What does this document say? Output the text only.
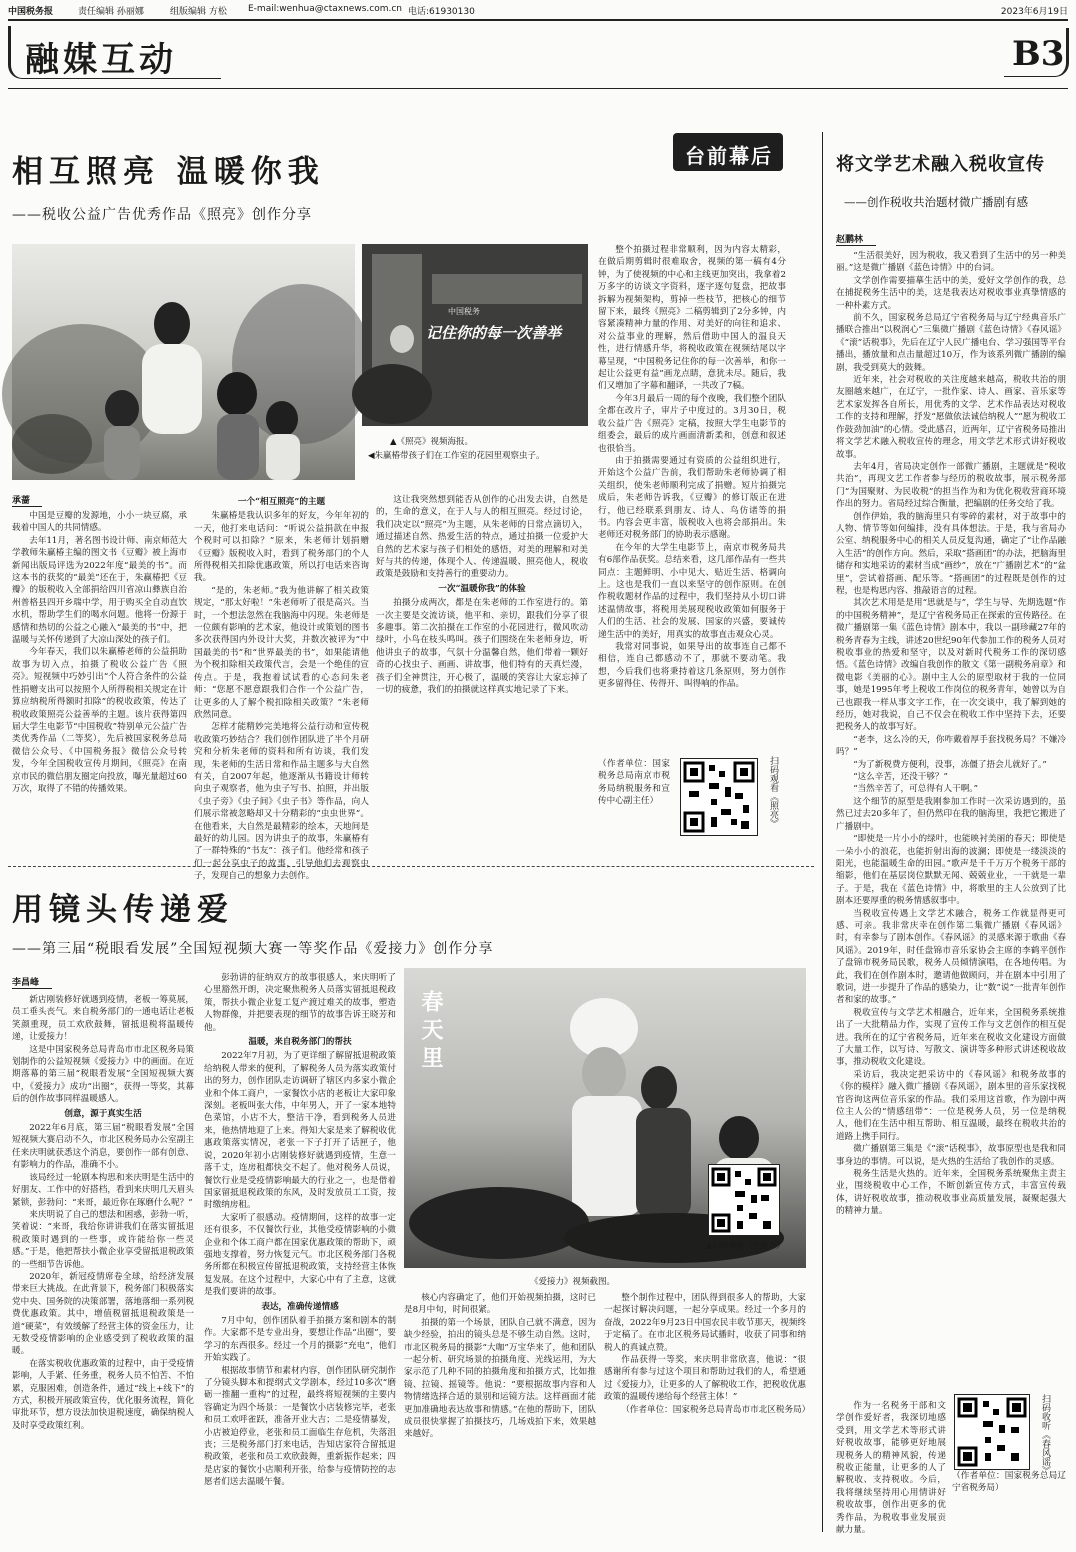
中国税务报	责任编辑 孙丽娜	组版编辑 方松 E-mail:wenhua@ctaxnews.com.cn 电话:61930130	2023年6月19日
融媒互动	B3
相互照亮 温暖你我
——税收公益广告优秀作品《照亮》创作分享
台前幕后
中国税务
记住你的每一次善举
▲《照亮》视频海报。
◀朱赢椿带孩子们在工作室的花园里观察虫子。
承蔷

中国是豆瓣的发源地，小小一块豆腐，承载着中国人的共同情感。

去年11月，著名图书设计师、南京师范大学教师朱赢椿主编的图文书《豆瓣》被上海市新闻出版局评选为2022年度“最美的书”。而这本书的获奖的“最美”还在于，朱赢椿把《豆瓣》的版税收入全部捐给四川省凉山彝族自治州普格县四开乡瑞中学，用于购买全自动直饮水机，帮助学生们的喝水问题。他将一份源于感情和热切的公益之心融入“最美的书”中，把温暖与关怀传递到了大凉山深处的孩子们。

今年春天，我们以朱赢椿老师的公益捐助故事为切入点，拍摄了税收公益广告《照亮》。短视频中巧妙引出“个人符合条件的公益性捐赠支出可以按照个人所得税相关规定在计算应纳税所得额时扣除”的税收政策，传达了税收政策照亮公益善举的主题。该片获得第四届大学生电影节“中国税收”特别单元公益广告类优秀作品（二等奖），先后被国家税务总局微信公众号、《中国税务报》微信公众号转发，今年全国税收宣传月期间，《照亮》在南京市民的微信朋友圈定向投放，曝光量超过60万次，取得了不错的传播效果。

一个“相互照亮”的主题

朱赢椿是我认识多年的好友，今年年初的一天，他打来电话问：“听说公益捐款在申报个税时可以扣除？”原来，朱老师计划捐赠《豆瓣》版税收入时，看到了税务部门的个人所得税相关扣除优惠政策，所以打电话来咨询我。

“是的，朱老师。”我为他讲解了相关政策规定，“那太好啦！”朱老师听了很是高兴。当时，一个想法忽然在我脑海中闪现。朱老师是一位颇有影响的艺术家，他设计或策划的图书多次获得国内外设计大奖，并数次被评为“中国最美的书”和“世界最美的书”，如果能请他为个税扣除相关政策代言，会是一个绝佳的宣传点。于是，我抱着试试看的心态问朱老师：“您愿不愿意跟我们合作一个公益广告，让更多的人了解个税扣除相关政策？”朱老师欣然同意。

怎样才能精妙完美地将公益行动和宣传税收政策巧妙结合？我们创作团队进了半个月研究和分析朱老师的资料和所有访谈，我们发现，朱老师的生活日常和作品主题多与大自然有关，自2007年起，他逐渐从书籍设计师转向虫子观察者，他为虫子写书、拍照，并出版《虫子旁》《虫子间》《虫子书》等作品，向人们展示常被忽略却又十分精彩的“虫虫世界”。在他看来，大自然是最精彩的绘本，天地间是最好的幼儿园。因为讲虫子的故事，朱赢椿有了一群特殊的“书友”：孩子们。他经常和孩子们一起分享虫子的故事，引导他们去观察虫子，发现自己的想象力去创作。

这让我突然想到能否从创作的心出发去讲，自然是的，生命的意义，在于人与人的相互照亮。经过讨论，我们决定以“照亮”为主题，从朱老师的日常点滴切入，通过描述自然、热爱生活的特点，通过拍摄一位爱护大自然的艺术家与孩子们相处的感悟，对美的理解和对美好与共的传递，体现个人、传递温暖、照亮他人，税收政策是鼓励和支持善行的重要动力。

一次“温暖你我”的体验

拍摄分成两次，都是在朱老师的工作室进行的。第一次主要是交流访谈，他平和、亲切，跟我们分享了很多趣事。第二次拍摄在工作室的小花园进行，微风吹动绿叶，小鸟在枝头鸣叫。孩子们围绕在朱老师身边，听他讲虫子的故事，气氛十分温馨自然，他们带着一颗好奇的心找虫子、画画、讲故事，他们特有的天真烂漫，孩子们全神贯注，开心极了，温暖的笑容让大家忘掉了一切的疲惫，我们的拍摄就这样真实地记录了下来。

整个拍摄过程非常顺利，因为内容太精彩，在做后期剪辑时很难取舍，视频的第一稿有4分钟，为了使视频的中心和主线更加突出，我拿着2万多字的访谈文字资料，逐字逐句复盘，把故事拆解为视频架构，剪掉一些枝节，把核心的细节留下来，最终《照亮》二稿剪辑到了2分多钟，内容紧凑精神力量的作用、对美好的向往和追求、对公益事业的理解，然后借助中国人的温良天性，进行情感升华，将税收政策在视频结尾以字幕呈现，“中国税务记住你的每一次善举，和你一起让公益更有益”画龙点睛，意犹未尽。随后，我们又增加了字幕和翻译，一共改了7稿。

今年3月最后一周的每个夜晚，我们整个团队全都在改片子，审片子中度过的。3月30日，税收公益广告《照亮》定稿，按照大学生电影节的组委会，最后的成片画面清新柔和，创意和叙述也很恰当。

由于拍摄需要通过有资质的公益组织进行，开始这个公益广告前，我们帮助朱老师协调了相关组织，使朱老师顺利完成了捐赠。短片拍摄完成后，朱老师告诉我，《豆瓣》的修订版正在进行，他已经联系到朋友、诗人、鸟仿诸等的捐书。内容会更丰富，版税收入也将会部捐出。朱老师还对税务部门的协助表示感谢。

在今年的大学生电影节上，南京市税务局共有6部作品获奖。总结来看，这几部作品有一些共同点：主题鲜明、小中见大、贴近生活、格调向上。这也是我们一直以来坚守的创作原则。在创作税收题材作品的过程中，我们坚持从小切口讲述温情故事，将税用美展现税收政策如何服务于人们的生活、社会的发展、国家的兴盛，要诚传递生活中的美好，用真实的故事直击观众心灵。

我常对同事说，如果导出的故事连自己都不相信，连自己都感动不了，那就不要动笔。我想，今后我们也将秉持着这几条原则，努力创作更多留得住、传得开、叫得响的作品。

（作者单位：国家税务总局南京市税务局纳税服务和宣传中心副主任）	扫码观看《照亮》
用镜头传递爱
——第三届“税眼看发展”全国短视频大赛一等奖作品《爱接力》创作分享
李昌峰
春天里
▲扫码观看《爱接力》
《爱接力》视频截图。

新店刚装修好就遇到疫情，老板一筹莫展，员工垂头丧气。来自税务部门的一通电话让老板笑颜重现，员工欢欣鼓舞，留抵退税将温暖传递，让爱接力！

这是中国家税务总局青岛市市北区税务局策划制作的公益短视频《爱接力》中的画面。在近期落幕的第三届“税眼看发展”全国短视频大赛中，《爱接力》成功“出圈”，获得一等奖，其幕后的创作故事同样温暖感人。

创意，源于真实生活

2022年6月底，第三届“税眼看发展”全国短视频大赛启动不久，市北区税务局办公室副主任来庆明就获悉这个消息，要创作一部有创意、有影响力的作品，准确不小。

该局经过一轮剧本构思和来庆明是生活中的好朋友、工作中的好搭档，看到来庆明几天眉头紧锁，彭勃问：“来哥，最近你在琢磨什么呢？”

来庆明说了自己的想法和困惑，彭勃一听，笑着说：“来哥，我给你讲讲我们在落实留抵退税政策时遇到的一些事，或许能给你一些灵感。”于是，他把帮扶小微企业享受留抵退税政策的一些细节告诉他。

2020年，新冠疫情席卷全球，给经济发展带来巨大挑战。在此背景下，税务部门积极落实党中央、国务院的决策部署，落地落细一系列税费优惠政策。其中，增值税留抵退税政策是一道“硬菜”，有效缓解了经营主体的资金压力，让无数受疫情影响的企业感受到了税收政策的温暖。

在落实税收优惠政策的过程中，由于受疫情影响，人手紧、任务重，税务人员不怕苦、不怕累，克服困难，创造条件，通过“线上+线下”的方式，积极开展政策宣传，优化服务流程，简化审批环节，想方设法加快退税速度，确保纳税人及时享受政策红利。

彭勃讲的征纳双方的故事很感人，来庆明听了心里豁然开朗，决定聚焦税务人员落实留抵退税政策，帮扶小微企业复工复产渡过难关的故事，塑造人物群像，并把要表现的细节的故事告诉王晓芳和他。

温暖，来自税务部门的帮扶

2022年7月初，为了更详细了解留抵退税政策给纳税人带来的便利，了解税务人员为落实政策付出的努力，创作团队走访调研了辖区内多家小微企业和个体工商户，一家餐饮小店的老板让大家印象深刻。老板叫张大伟，中年男人，开了一家本地特色菜馆，小店不大，整洁干净，看到税务人员进来，他热情地迎了上来。得知大家是来了解税收优惠政策落实情况，老张一下子打开了话匣子，他说，2020年初小店刚装修好就遇到疫情，生意一落千丈，连房租都快交不起了。他对税务人员说，餐饮行业是受疫情影响最大的行业之一，也是借着国家留抵退税政策的东风，及时发放员工工资，按时缴纳房租。

大家听了很感动。疫情期间，这样的故事一定还有很多，不仅餐饮行业，其他受疫情影响的小微企业和个体工商户都在国家优惠政策的帮助下，顽强地支撑着，努力恢复元气。市北区税务部门各税务所都在积极宣传留抵退税政策，支持经营主体恢复发展。在这个过程中，大家心中有了主意，这就是我们要讲的故事。

表达，准确传递情感

7月中旬，创作团队着手拍摄方案和剧本的制作。大家都不是专业出身，要想让作品“出圈”，要学习的东西很多。经过一个月的摄影“充电”，他们开始实践了。

根据故事情节和素材内容，创作团队研究制作了分镜头脚本和提纲式文学剧本，经过10多次“磨砺一推翻一重构”的过程，最终将短视频的主要内容确定为四个场景：一是餐饮小店装修完毕，老张和员工欢呼雀跃，准备开业大吉；二是疫情暴发，小店被迫停业，老张和员工面临生存危机，失落沮丧；三是税务部门打来电话，告知店家符合留抵退税政策，老张和员工欢欣鼓舞，重新振作起来；四是店家的餐饮小店顺利开张，给参与疫情防控的志愿者们送去温暖午餐。

核心内容确定了，他们开始视频拍摄，这时已是8月中旬，时间很紧。

拍摄的第一个场景，团队自己就不满意，因为缺少经验，拍出的镜头总是不够生动自然。这时，市北区税务局的摄影“大咖”万宝华来了，他和团队一起分析、研究场景的拍摄角度、光线运用，为大家示范了几种不同的拍摄角度和拍摄方式，比如推镜、拉镜、摇镜等。他说：“要根据故事内容和人物情绪选择合适的景别和运镜方法。这样画面才能更加准确地表达故事和情感。”在他的帮助下，团队成员很快掌握了拍摄技巧，几场戏拍下来，效果越来越好。

整个制作过程中，团队得到很多人的帮助，大家一起探讨解决问题，一起分享成果。经过一个多月的奋战，2022年9月23日中国农民丰收节那天，视频终于定稿了。在市北区税务局试播时，收获了同事和纳税人的真诚点赞。

作品获得一等奖，来庆明非常欣喜，他说：“很感谢所有参与过这个项目和帮助过我们的人，希望通过《爱接力》，让更多的人了解税收工作，把税收优惠政策的温暖传递给每个经营主体！”

（作者单位：国家税务总局青岛市市北区税务局）

将文学艺术融入税收宣传
——创作税收共治题材微广播剧有感
赵鹏林

“生活很美好，因为税收，我又看到了生活中的另一种美丽。”这是微广播剧《蓝色诗情》中的台词。

文学创作需要描摹生活中的美，爱好文学创作的我，总在捕捉税务生活中的美，这是我表达对税收事业真挚情感的一种朴素方式。

前不久，国家税务总局辽宁省税务局与辽宁经典音乐广播联合推出“以税润心”三集微广播剧《蓝色诗情》《春风谣》《“滚”话税事》，先后在辽宁人民广播电台、学习强国等平台播出，播放量和点击量超过10万，作为该系列微广播剧的编剧，我受到莫大的鼓舞。

近年来，社会对税收的关注度越来越高，税收共治的朋友圈越来越广，在辽宁，一批作家、诗人、画家、音乐家等艺术家发挥各自所长，用优秀的文学、艺术作品表达对税收工作的支持和理解，抒发“愿做依法诚信纳税人”“愿为税收工作鼓劲加油”的心情。受此感召，近两年，辽宁省税务局推出将文学艺术融入税收宣传的理念，用文学艺术形式讲好税收故事。

去年4月，省局决定创作一部微广播剧，主题就是“税收共治”，再现文艺工作者参与经历的税收故事，展示税务部门“为国聚财、为民收税”的担当作为和为优化税收营商环境作出的努力。省局经过综合衡量，把编剧的任务交给了我。

创作伊始，我的脑海里只有零碎的素材，对于故事中的人物、情节等如何编排，没有具体想法。于是，我与省局办公室、纳税服务中心的相关人员反复沟通，确定了“让作品融入生活”的创作方向。然后，采取“搭画团”的办法，把脑海里储存和实地采访的素材当成“画纱”，放在“广播剧艺术”的“盆里”，尝试着搭画、配乐等。“搭画团”的过程既是创作的过程，也是构思内容、推敲语言的过程。

其次艺术用是是用“思就是与”，学生与导、先期选题“作的中国税务精神”，是辽宁省税务局正在探索的宣传路径。在微广播剧第一集《蓝色诗情》剧本中，我以一副珍藏27年的税务青春为主线，讲述20世纪90年代参加工作的税务人员对税收事业的热爱和坚守，以及对新时代税务工作的深切感悟。《蓝色诗情》改编自我创作的散文《第一副税务肩章》和微电影《美丽的心》。剧中主人公的原型取材于我的一位同事，她是1995年考上税收工作岗位的税务青年，她曾以为自己也跟我一样从事文字工作，在一次交谈中，我了解到她的经历，她对我说，自己不仅会在税收工作中坚持下去，还要把税务人的故事写好。

“老李，这么冷的天，你咋戴着厚手套找税务局？不嫌冷吗？”

“为了新税费方便利，没事，冻僵了捂会儿就好了。”

“这么辛苦，还没干够？”

“当然辛苦了，可总得有人干啊。”

这个细节的原型是我刚参加工作时一次采访遇到的，虽然已过去20多年了，但仍然印在我的脑海里，我把它搬进了广播剧中。

“即使是一片小小的绿叶，也能映衬美丽的春天；即使是一朵小小的浪花，也能折射出海的波澜；即使是一缕淡淡的阳光，也能温暖生命的田园。”歌声是千千万万个税务干部的缩影，他们在基层岗位默默无闻、兢兢业业，一干就是一辈子。于是，我在《蓝色诗情》中，将歌里的主人公放到了比剧本还要厚重的税务情感叙事中。

当税收宣传遇上文学艺术融合，税务工作就显得更可感、可亲。我非常庆幸在创作第二集微广播剧《春风谣》时，有幸参与了剧本创作。《春风谣》的灵感来源于歌曲《春风谣》。2019年，时任盘锦市音乐家协会主席的李鹤平创作了盘锦市税务局民歌，税务人员倾情演唱，在各地传唱。为此，我们在创作剧本时，邀请他做顾问，并在剧本中引用了歌词，进一步提升了作品的感染力，让“数”说”一批青年创作者和家的故事。”

税收宣传与文学艺术相融合，近年来，全国税务系统推出了一大批精品力作，实现了宣传工作与文艺创作的相互促进。我所在的辽宁省税务局，近年来在税收文化建设方面做了大量工作，以写诗、写散文、演讲等多种形式讲述税收故事，推动税收文化建设。

采访后，我决定把采访中的《春风谣》和税务故事的《你的模样》融入微广播剧《春风谣》，剧本里的音乐家找税官咨询这两位音乐家的作品。我们采用这首歌，作为剧中两位主人公的“情感纽带”：一位是税务人员，另一位是纳税人，他们在生活中相互帮助、相互温暖，最终在税收共治的道路上携手同行。

微广播剧第三集是《“滚”话税事》，故事原型也是我和同事身边的事情。可以说，是火热的生活给了我创作的灵感。

税务生活是火热的。近年来，全国税务系统聚焦主责主业，围绕税收中心工作，不断创新宣传方式，丰富宣传载体，讲好税收故事，推动税收事业高质量发展，凝聚起强大的精神力量。

作为一名税务干部和文学创作爱好者，我深切地感受到，用文学艺术等形式讲好税收故事，能够更好地展现税务人的精神风貌，传递税收正能量，让更多的人了解税收、支持税收。今后，我将继续坚持用心用情讲好税收故事，创作出更多的优秀作品，为税收事业发展贡献力量。

（作者单位：国家税务总局辽宁省税务局）

扫码收听《春风谣》
